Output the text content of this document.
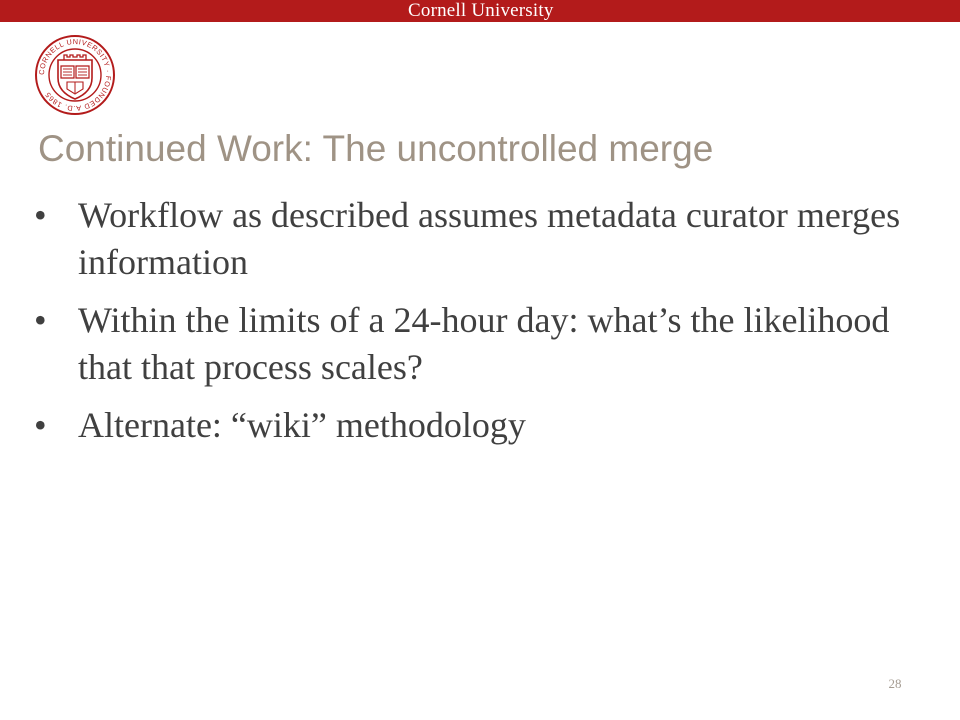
Cornell University
CORNELL UNIVERSITY · FOUNDED A.D. 1865
Continued Work: The uncontrolled merge
• Workflow as described assumes metadata curator merges information
• Within the limits of a 24-hour day: what’s the likelihood that that process scales?
• Alternate: “wiki” methodology
28
